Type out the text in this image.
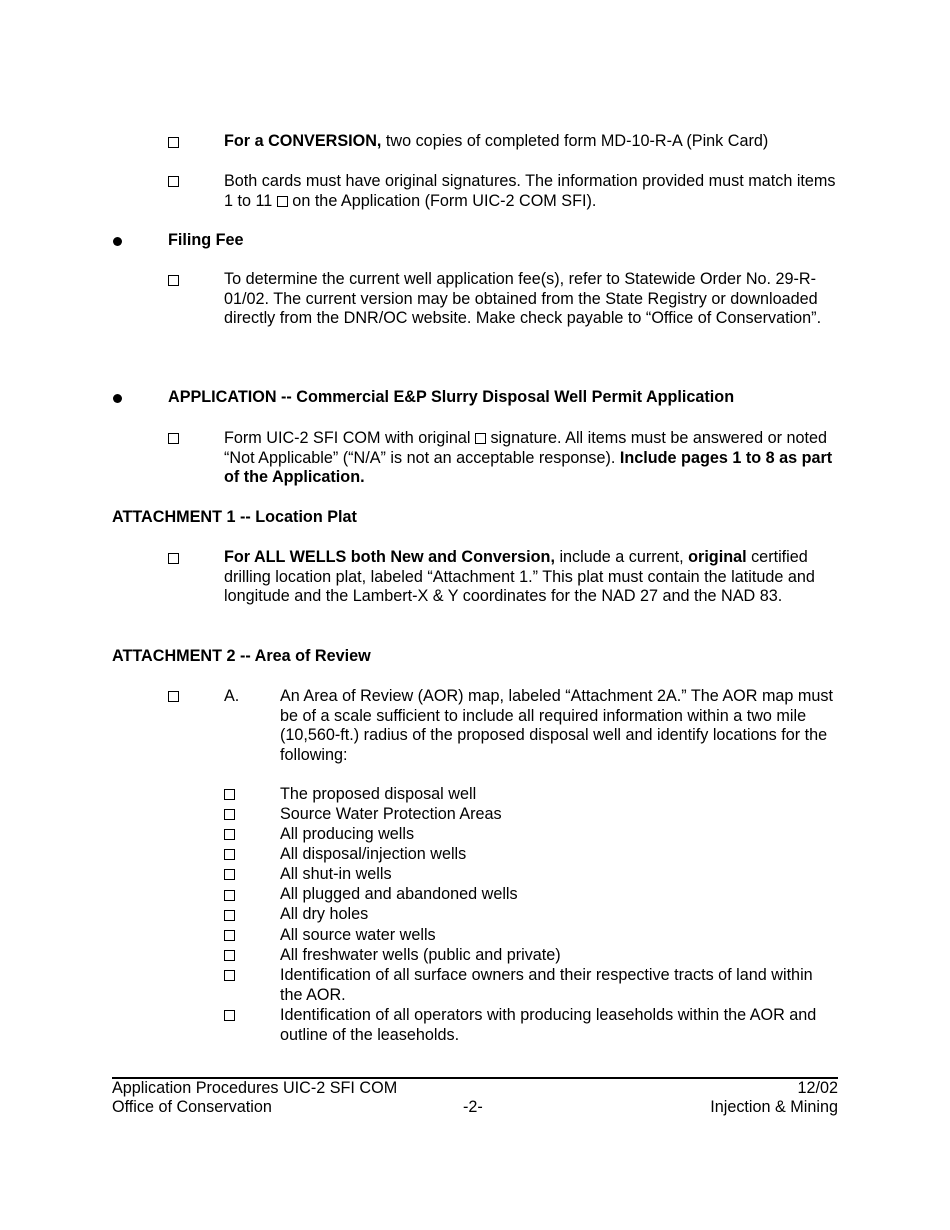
For a CONVERSION, two copies of completed form MD-10-R-A (Pink Card)
Both cards must have original signatures. The information provided must match items 1 to 11  on the Application (Form UIC-2 COM SFI).
Filing Fee
To determine the current well application fee(s), refer to Statewide Order No. 29-R-01/02. The current version may be obtained from the State Registry or downloaded directly from the DNR/OC website. Make check payable to “Office of Conservation”.
APPLICATION -- Commercial E&P Slurry Disposal Well Permit Application
Form UIC-2 SFI COM with original  signature. All items must be answered or noted “Not Applicable” (“N/A” is not an acceptable response). Include pages 1 to 8 as part of the Application.
ATTACHMENT 1 -- Location Plat
For ALL WELLS both New and Conversion, include a current, original certified drilling location plat, labeled “Attachment 1.” This plat must contain the latitude and longitude and the Lambert-X & Y coordinates for the NAD 27 and the NAD 83.
ATTACHMENT 2 -- Area of Review
A.	An Area of Review (AOR) map, labeled “Attachment 2A.” The AOR map must be of a scale sufficient to include all required information within a two mile (10,560-ft.) radius of the proposed disposal well and identify locations for the following:
The proposed disposal well
Source Water Protection Areas
All producing wells
All disposal/injection wells
All shut-in wells
All plugged and abandoned wells
All dry holes
All source water wells
All freshwater wells (public and private)
Identification of all surface owners and their respective tracts of land within the AOR.
Identification of all operators with producing leaseholds within the AOR and outline of the leaseholds.
Application Procedures UIC-2 SFI COM
Office of Conservation	-2-
12/02
Injection & Mining
